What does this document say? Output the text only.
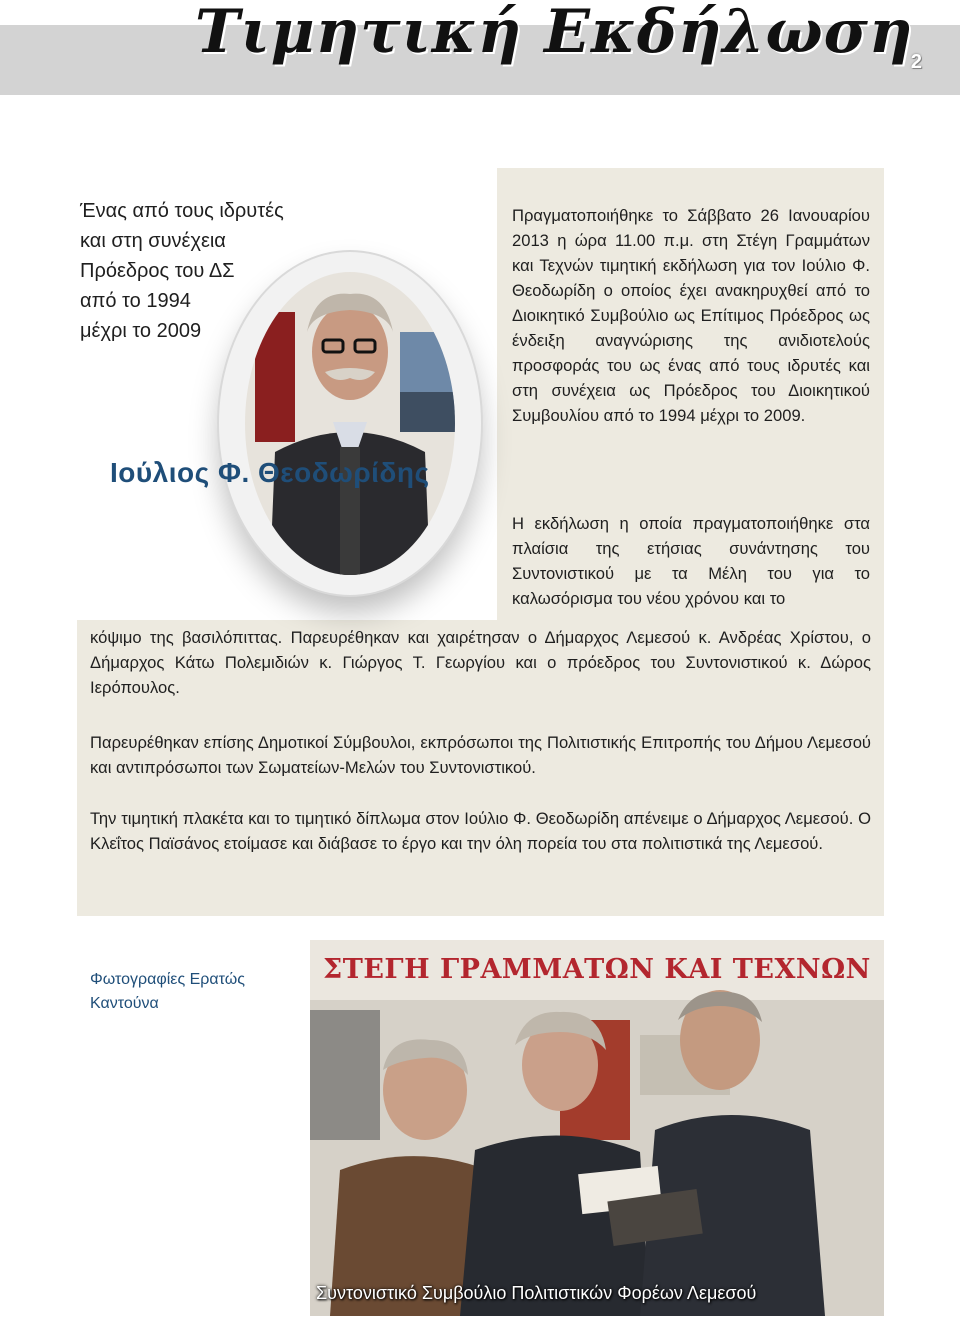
Τιμητική Εκδήλωση
2
Ένας από τους ιδρυτές
και στη συνέχεια
Πρόεδρος του ΔΣ
από το 1994
μέχρι το 2009
Ιούλιος Φ. Θεοδωρίδης

Πραγματοποιήθηκε το Σάββατο 26 Ιανουαρίου 2013 η ώρα 11.00 π.μ. στη Στέγη Γραμμάτων και Τεχνών τιμητική εκδήλωση για τον Ιούλιο Φ. Θεοδωρίδη ο οποίος έχει ανακηρυχθεί από το Διοικητικό Συμβούλιο ως Επίτιμος Πρόεδρος ως ένδειξη αναγνώρισης της ανιδιοτελούς προσφοράς του ως ένας από τους ιδρυτές και στη συνέχεια ως Πρόεδρος του Διοικητικού Συμβουλίου από το 1994 μέχρι το 2009.

Η εκδήλωση η οποία πραγματοποιήθηκε στα πλαίσια της ετήσιας συνάντησης του Συντονιστικού με τα Μέλη του για το καλωσόρισμα του νέου χρόνου και το

κόψιμο της βασιλόπιττας. Παρευρέθηκαν και χαιρέτησαν ο Δήμαρχος Λεμεσού κ. Ανδρέας Χρίστου, ο Δήμαρχος Κάτω Πολεμιδιών κ. Γιώργος Τ. Γεωργίου και ο πρόεδρος του Συντονιστικού κ. Δώρος Ιερόπουλος.

Παρευρέθηκαν επίσης Δημοτικοί Σύμβουλοι, εκπρόσωποι της Πολιτιστικής Επιτροπής του Δήμου Λεμεσού και αντιπρόσωποι των Σωματείων-Μελών του Συντονιστικού.

Την τιμητική πλακέτα και το τιμητικό δίπλωμα στον Ιούλιο Φ. Θεοδωρίδη απένειμε ο Δήμαρχος Λεμεσού. Ο Κλεΐτος Παϊσάνος ετοίμασε και διάβασε το έργο και την όλη πορεία του στα πολιτιστικά της Λεμεσού.

Φωτογραφίες Ερατώς Καντούνα
ΣΤΕΓΗ ΓΡΑΜΜΑΤΩΝ ΚΑΙ ΤΕΧΝΩΝ
Συντονιστικό Συμβούλιο Πολιτιστικών Φορέων Λεμεσού
